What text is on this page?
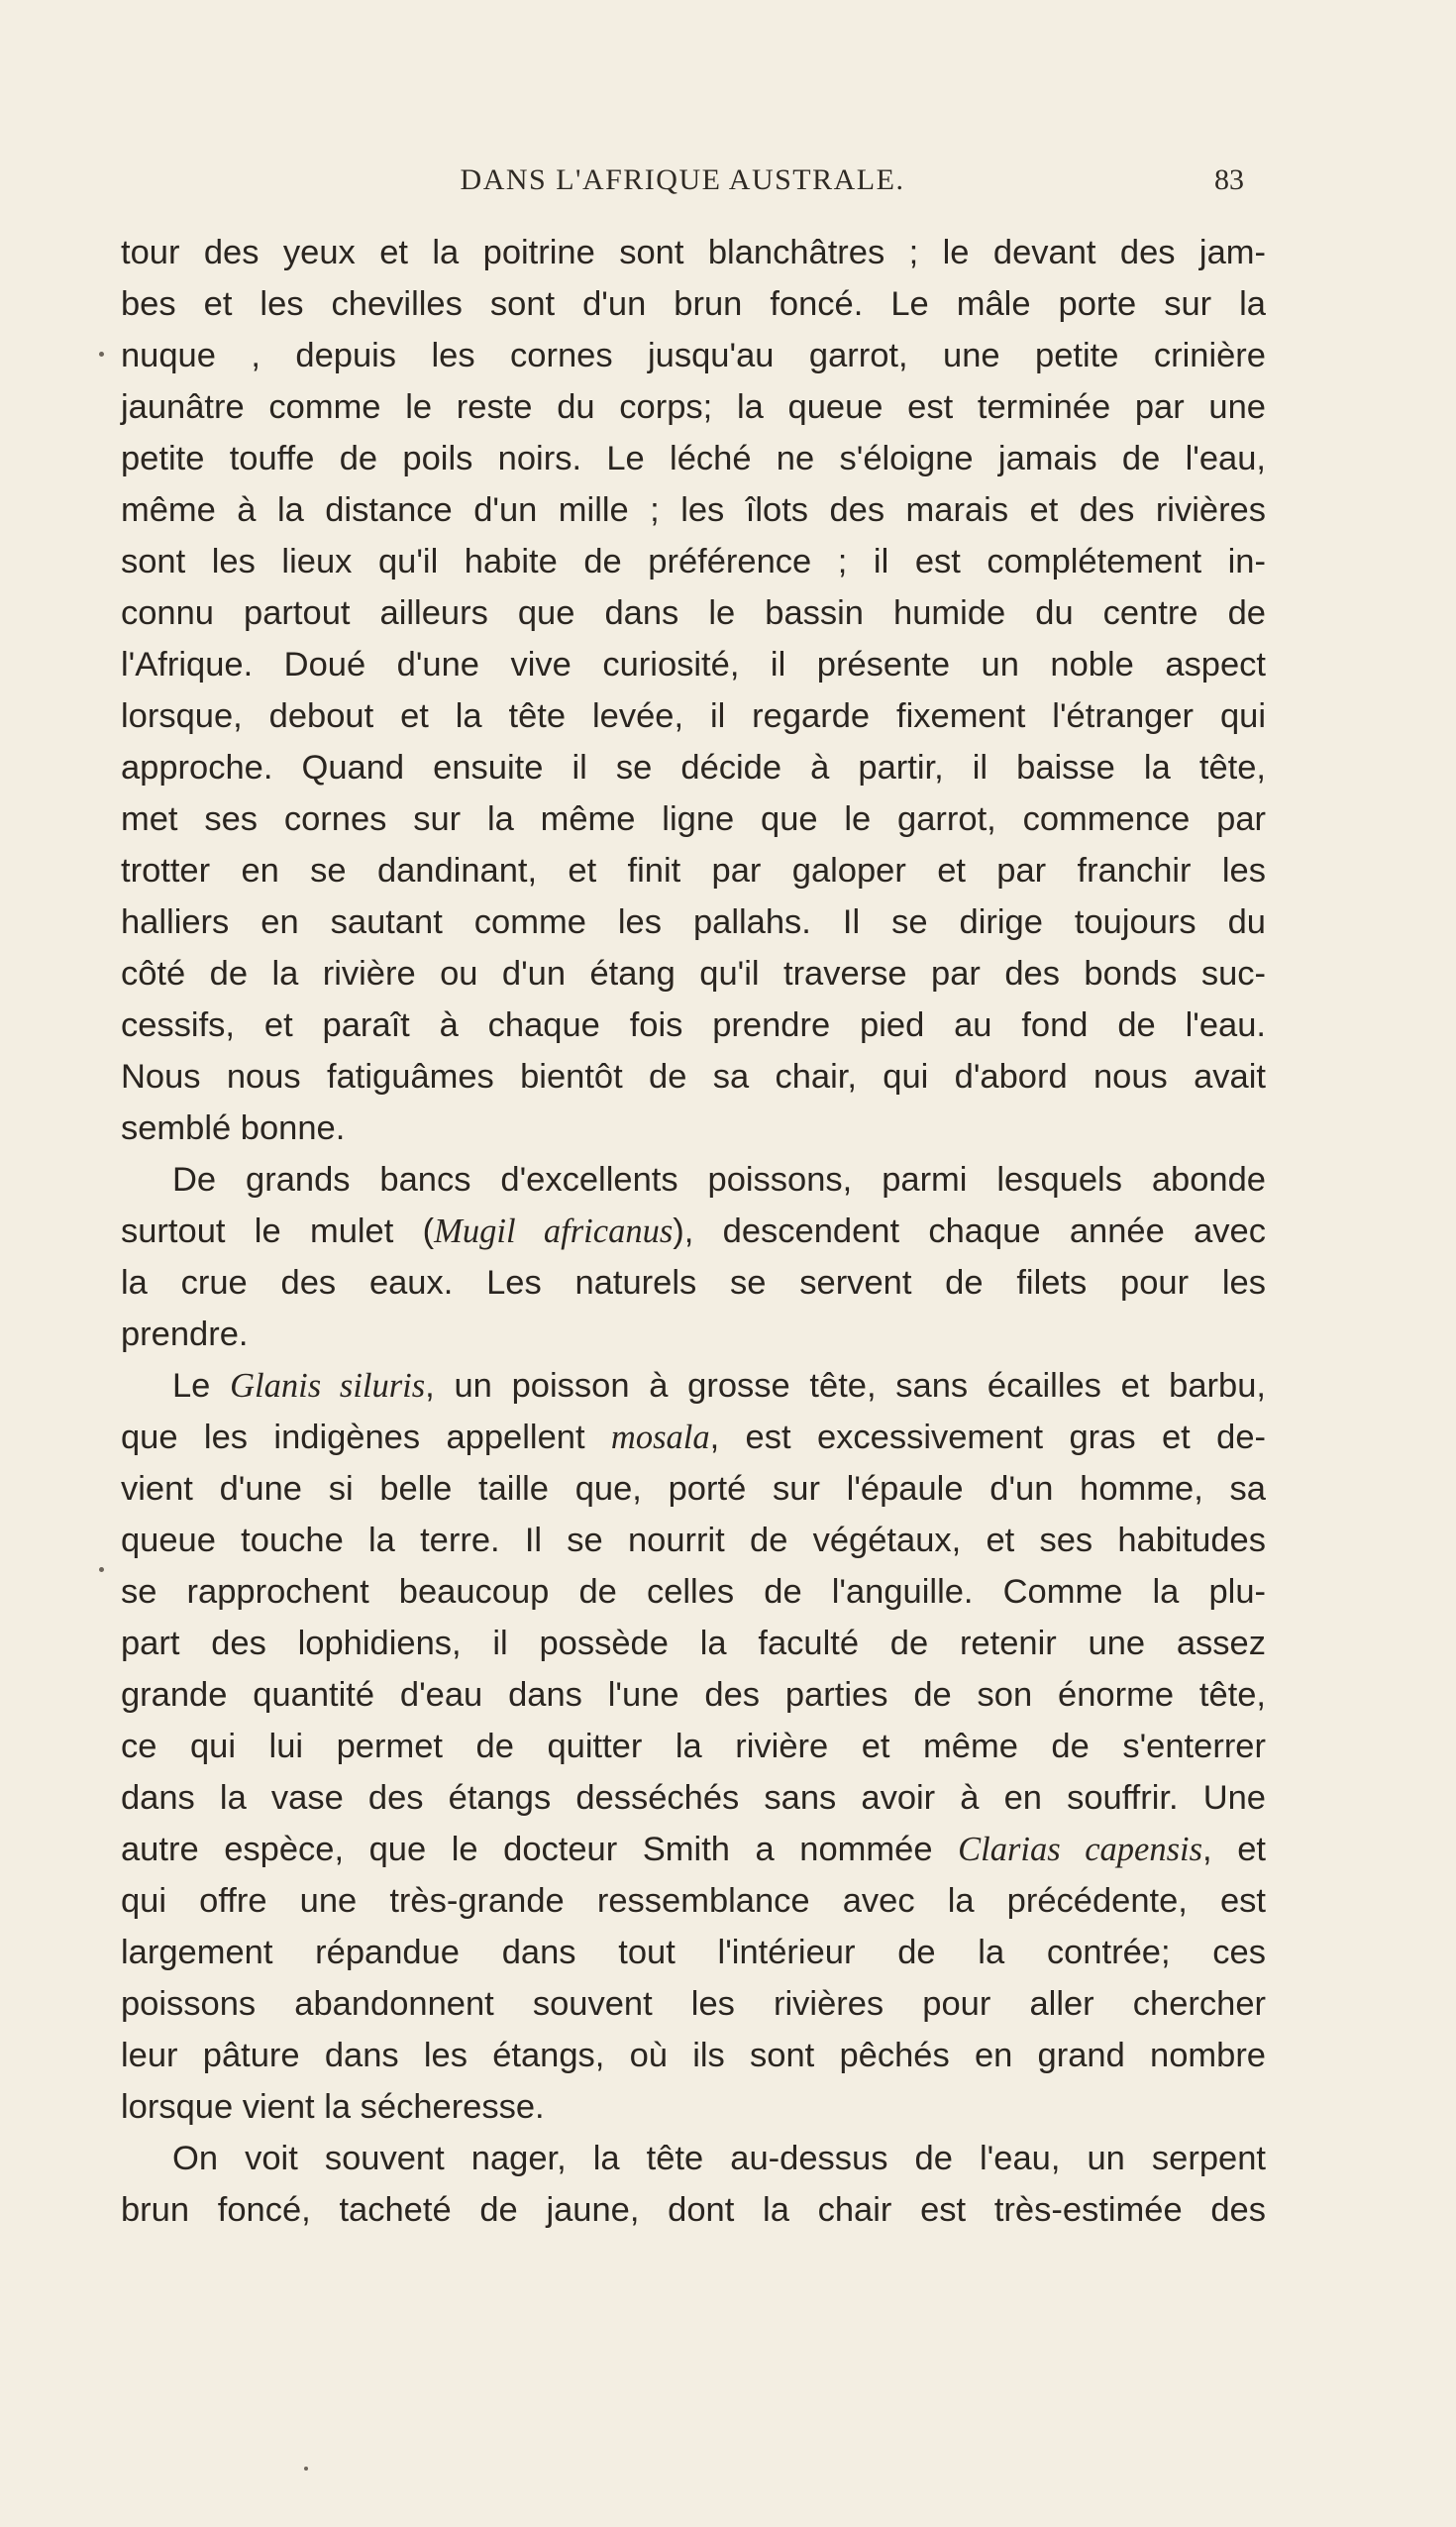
DANS L'AFRIQUE AUSTRALE.	83
tour des yeux et la poitrine sont blanchâtres ; le devant des jam-
bes et les chevilles sont d'un brun foncé. Le mâle porte sur la
nuque , depuis les cornes jusqu'au garrot, une petite crinière
jaunâtre comme le reste du corps; la queue est terminée par une
petite touffe de poils noirs. Le léché ne s'éloigne jamais de l'eau,
même à la distance d'un mille ; les îlots des marais et des rivières
sont les lieux qu'il habite de préférence ; il est complétement in-
connu partout ailleurs que dans le bassin humide du centre de
l'Afrique. Doué d'une vive curiosité, il présente un noble aspect
lorsque, debout et la tête levée, il regarde fixement l'étranger qui
approche. Quand ensuite il se décide à partir, il baisse la tête,
met ses cornes sur la même ligne que le garrot, commence par
trotter en se dandinant, et finit par galoper et par franchir les
halliers en sautant comme les pallahs. Il se dirige toujours du
côté de la rivière ou d'un étang qu'il traverse par des bonds suc-
cessifs, et paraît à chaque fois prendre pied au fond de l'eau.
Nous nous fatiguâmes bientôt de sa chair, qui d'abord nous avait
semblé bonne.
De grands bancs d'excellents poissons, parmi lesquels abonde
surtout le mulet (Mugil africanus), descendent chaque année avec
la crue des eaux. Les naturels se servent de filets pour les
prendre.
Le Glanis siluris, un poisson à grosse tête, sans écailles et barbu,
que les indigènes appellent mosala, est excessivement gras et de-
vient d'une si belle taille que, porté sur l'épaule d'un homme, sa
queue touche la terre. Il se nourrit de végétaux, et ses habitudes
se rapprochent beaucoup de celles de l'anguille. Comme la plu-
part des lophidiens, il possède la faculté de retenir une assez
grande quantité d'eau dans l'une des parties de son énorme tête,
ce qui lui permet de quitter la rivière et même de s'enterrer
dans la vase des étangs desséchés sans avoir à en souffrir. Une
autre espèce, que le docteur Smith a nommée Clarias capensis, et
qui offre une très-grande ressemblance avec la précédente, est
largement répandue dans tout l'intérieur de la contrée; ces
poissons abandonnent souvent les rivières pour aller chercher
leur pâture dans les étangs, où ils sont pêchés en grand nombre
lorsque vient la sécheresse.
On voit souvent nager, la tête au-dessus de l'eau, un serpent
brun foncé, tacheté de jaune, dont la chair est très-estimée des
